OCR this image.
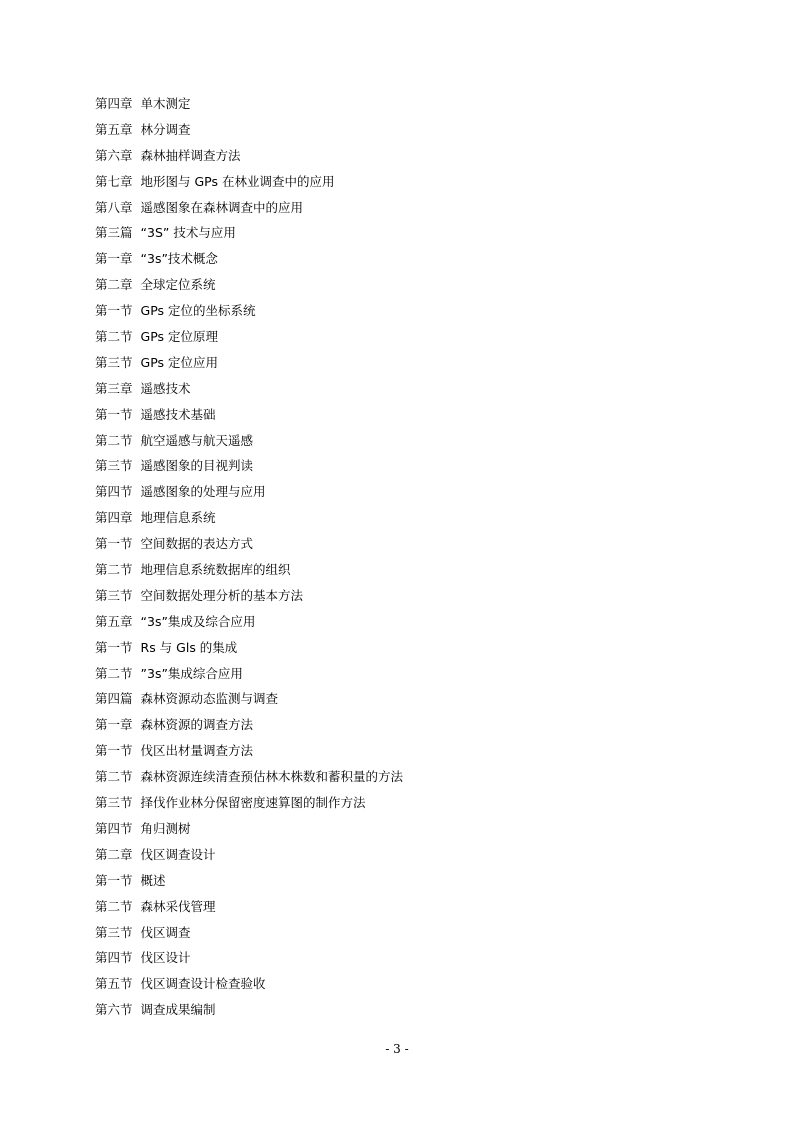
第四章 单木测定
第五章 林分调查
第六章 森林抽样调查方法
第七章 地形图与 GPs 在林业调查中的应用
第八章 遥感图象在森林调查中的应用
第三篇 “3S” 技术与应用
第一章 “3s”技术概念
第二章 全球定位系统
第一节 GPs 定位的坐标系统
第二节 GPs 定位原理
第三节 GPs 定位应用
第三章 遥感技术
第一节 遥感技术基础
第二节 航空遥感与航天遥感
第三节 遥感图象的目视判读
第四节 遥感图象的处理与应用
第四章 地理信息系统
第一节 空间数据的表达方式
第二节 地理信息系统数据库的组织
第三节 空间数据处理分析的基本方法
第五章 “3s”集成及综合应用
第一节 Rs 与 Gls 的集成
第二节 ”3s”集成综合应用
第四篇 森林资源动态监测与调查
第一章 森林资源的调查方法
第一节 伐区出材量调查方法
第二节 森林资源连续清查预估林木株数和蓄积量的方法
第三节 择伐作业林分保留密度速算图的制作方法
第四节 角归测树
第二章 伐区调查设计
第一节 概述
第二节 森林采伐管理
第三节 伐区调查
第四节 伐区设计
第五节 伐区调查设计检查验收
第六节 调查成果编制
- 3 -
